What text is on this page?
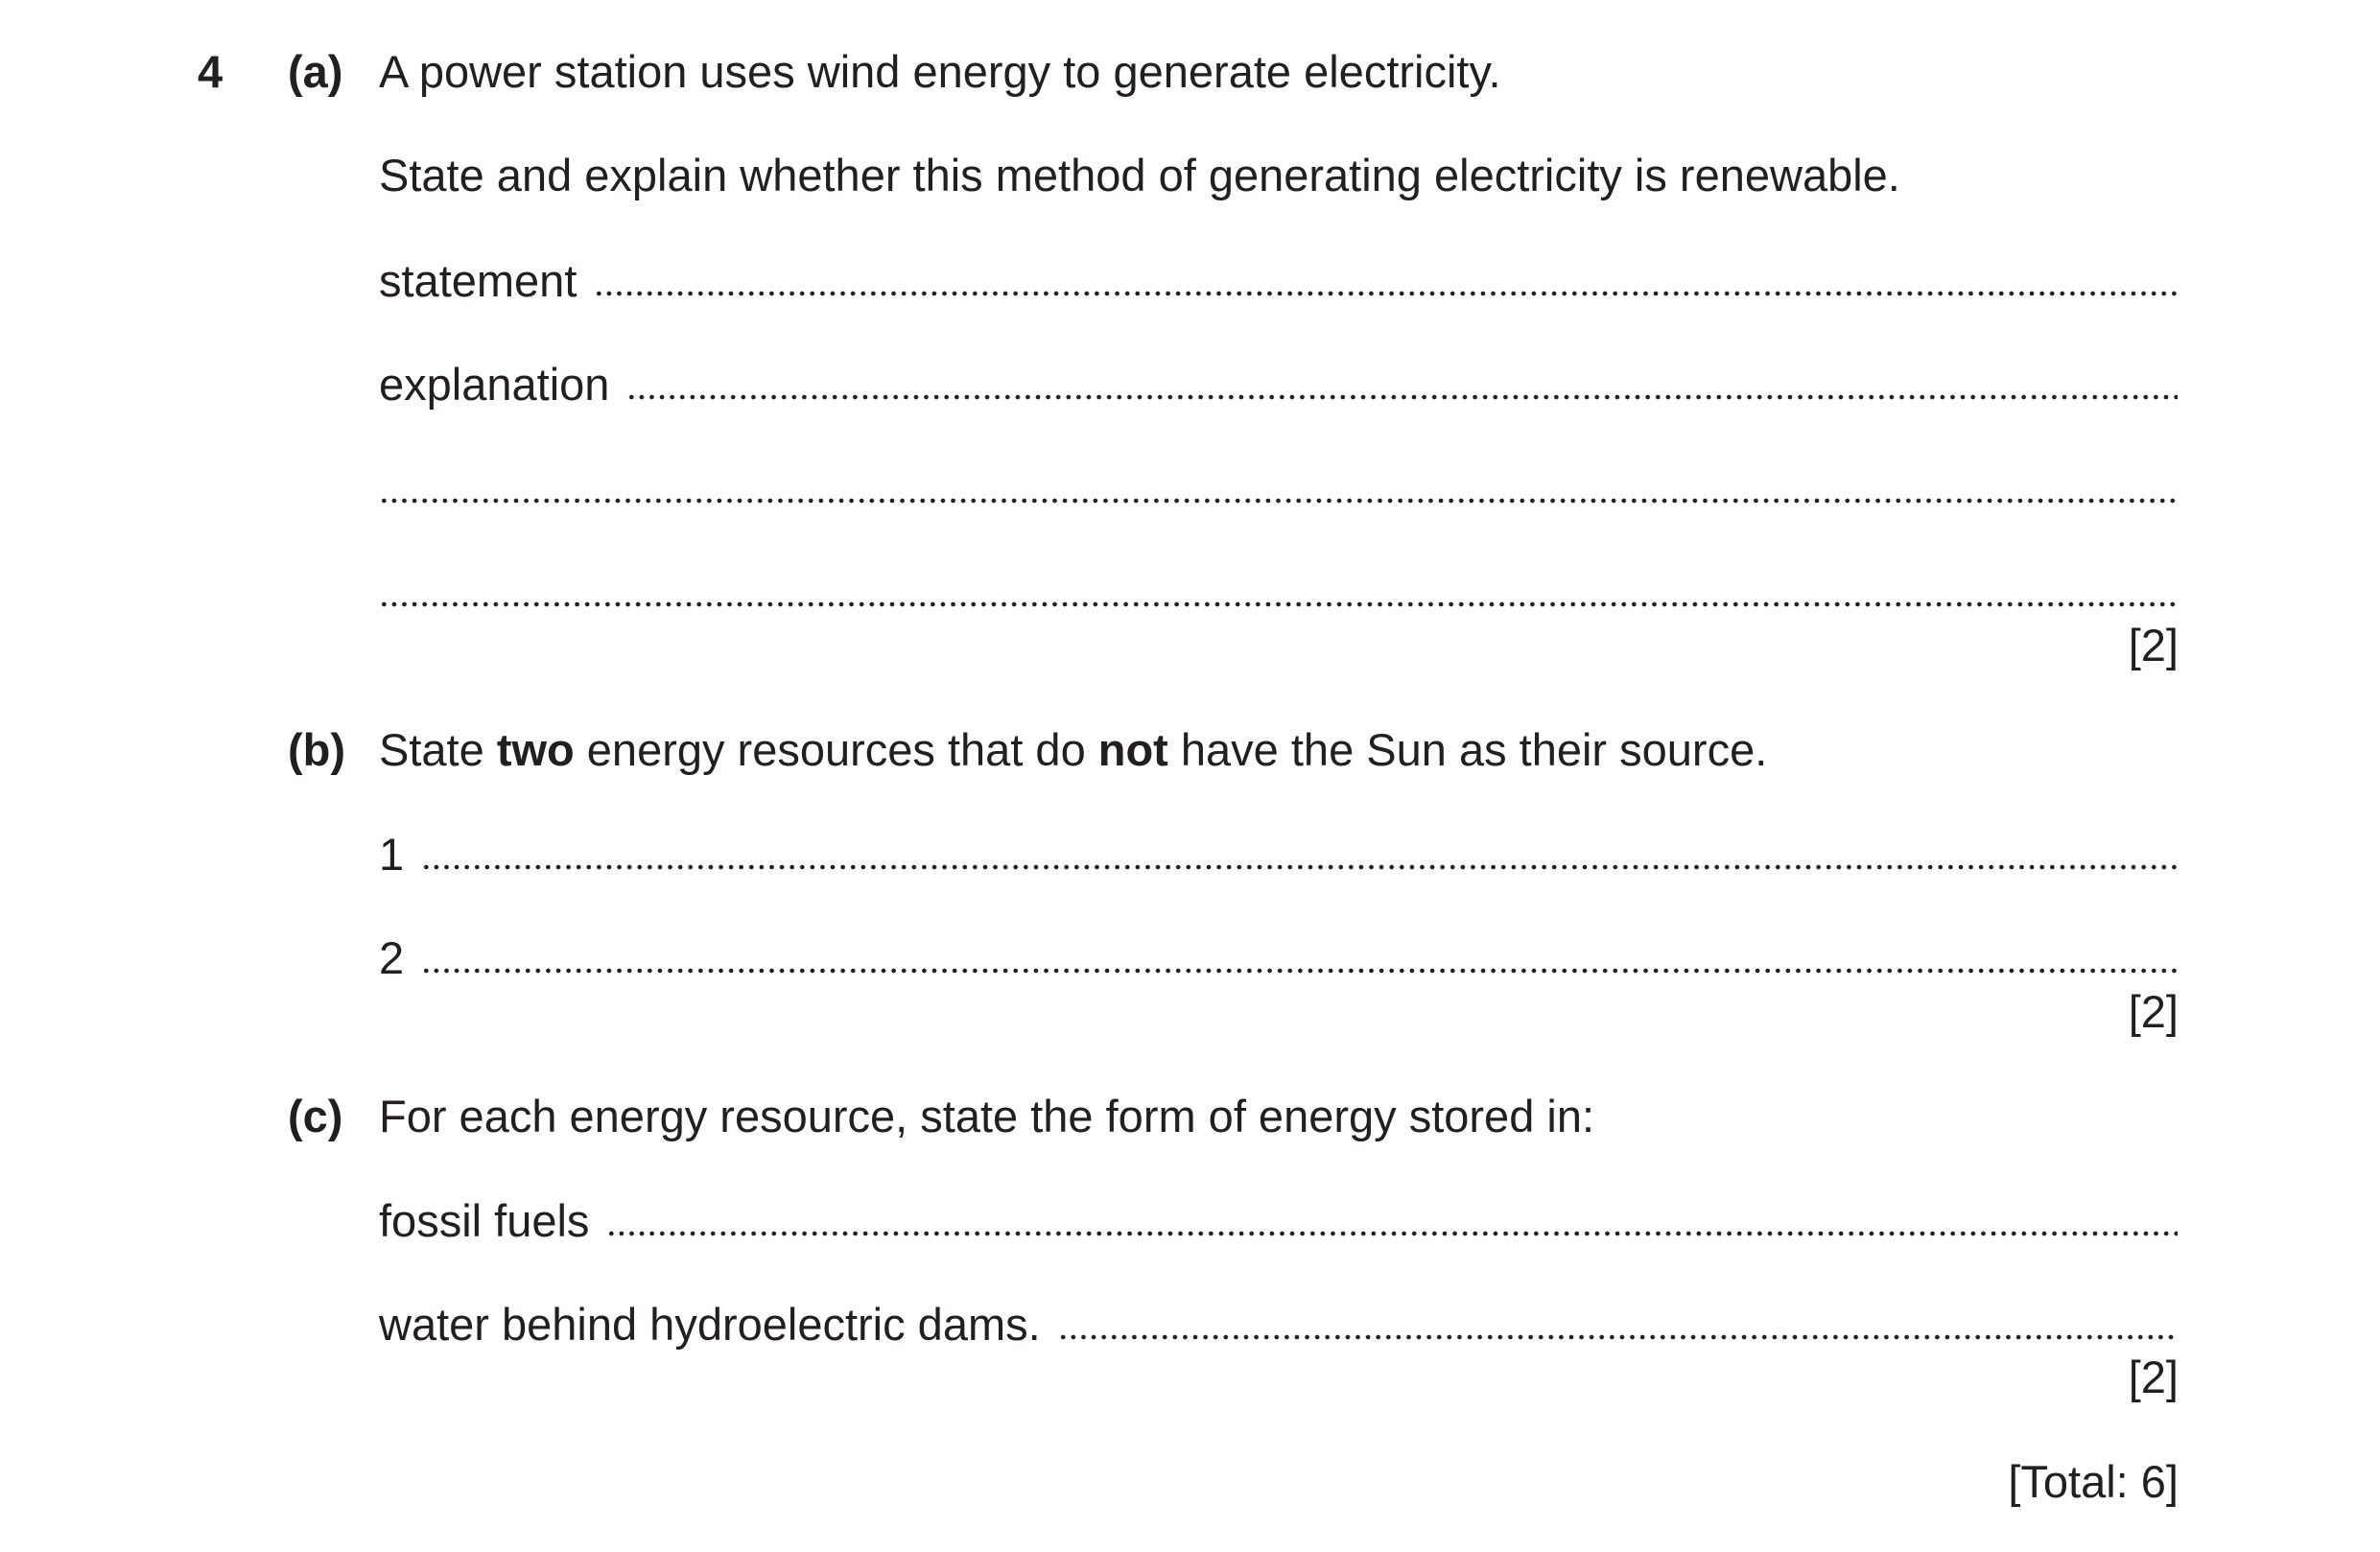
4 (a) A power station uses wind energy to generate electricity.
State and explain whether this method of generating electricity is renewable.
statement
explanation
[2]
(b) State two energy resources that do not have the Sun as their source.
1
2
[2]
(c) For each energy resource, state the form of energy stored in:
fossil fuels
water behind hydroelectric dams.
[2]
[Total: 6]
